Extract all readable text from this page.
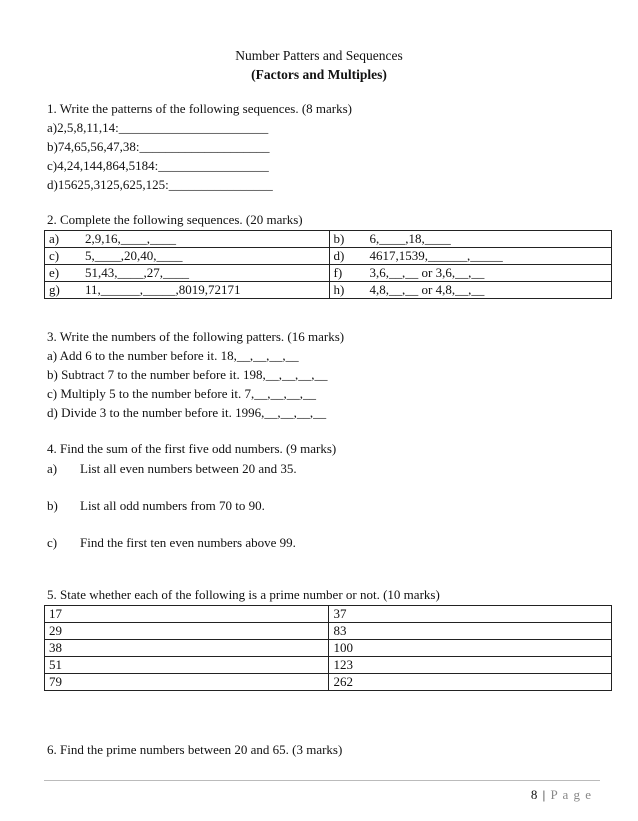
Number Patters and Sequences
(Factors and Multiples)
1. Write the patterns of the following sequences. (8 marks)
a)2,5,8,11,14:_______________________
b)74,65,56,47,38:____________________
c)4,24,144,864,5184:_________________
d)15625,3125,625,125:________________
2. Complete the following sequences. (20 marks)
a) 2,9,16,____,____	b) 6,____,18,____
c) 5,____,20,40,____	d) 4617,1539,______,_____
e) 51,43,____,27,____	f) 3,6,__,__ or 3,6,__,__
g) 11,______,_____,8019,72171	h) 4,8,__,__ or 4,8,__,__
3. Write the numbers of the following patters. (16 marks)
a) Add 6 to the number before it. 18,__,__,__,__
b) Subtract 7 to the number before it. 198,__,__,__,__
c) Multiply 5 to the number before it. 7,__,__,__,__
d) Divide 3 to the number before it. 1996,__,__,__,__
4. Find the sum of the first five odd numbers. (9 marks)
a) List all even numbers between 20 and 35.
b) List all odd numbers from 70 to 90.
c) Find the first ten even numbers above 99.
5. State whether each of the following is a prime number or not. (10 marks)
17	37
29	83
38	100
51	123
79	262
6. Find the prime numbers between 20 and 65. (3 marks)
8 | P a g e
